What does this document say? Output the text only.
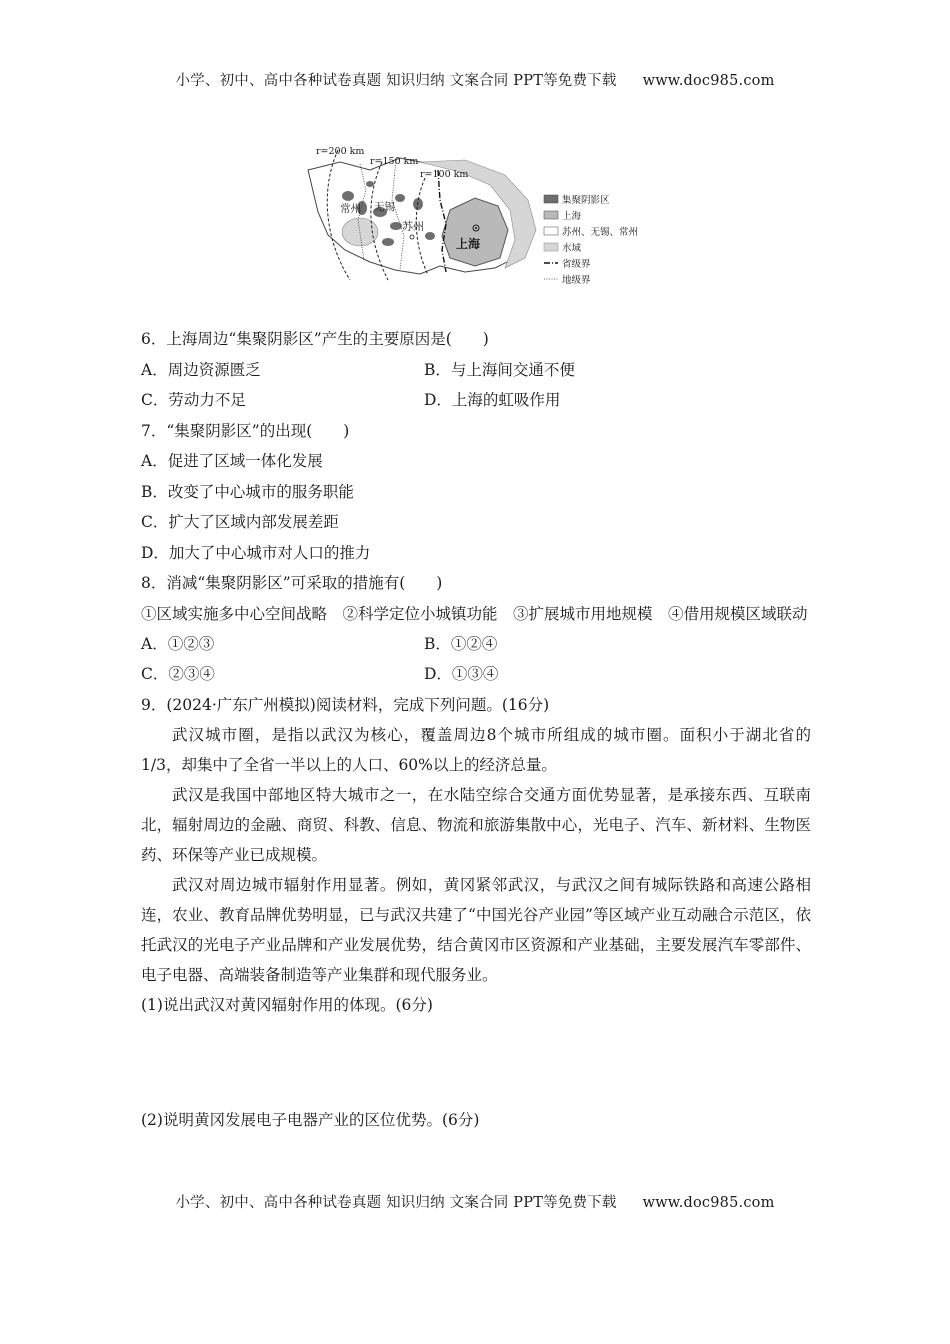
小学、初中、高中各种试卷真题 知识归纳 文案合同 PPT等免费下载 www.doc985.com
r=200 km
r=150 km
r=100 km
常州 无锡
苏州
上海
集聚阴影区
上海
苏州、无锡、常州
水域
省级界
地级界
6．上海周边“集聚阴影区”产生的主要原因是(　　)
A．周边资源匮乏	B．与上海间交通不便
C．劳动力不足	D．上海的虹吸作用
7．“集聚阴影区”的出现(　　)
A．促进了区域一体化发展
B．改变了中心城市的服务职能
C．扩大了区域内部发展差距
D．加大了中心城市对人口的推力
8．消减“集聚阴影区”可采取的措施有(　　)

①区域实施多中心空间战略　②科学定位小城镇功能　③扩展城市用地规模　④借用规模区域联动

A．①②③	B．①②④
C．②③④	D．①③④
9．(2024·广东广州模拟)阅读材料，完成下列问题。(16分)

武汉城市圈，是指以武汉为核心，覆盖周边8个城市所组成的城市圈。面积小于湖北省的1/3，却集中了全省一半以上的人口、60%以上的经济总量。

武汉是我国中部地区特大城市之一，在水陆空综合交通方面优势显著，是承接东西、互联南北，辐射周边的金融、商贸、科教、信息、物流和旅游集散中心，光电子、汽车、新材料、生物医药、环保等产业已成规模。

武汉对周边城市辐射作用显著。例如，黄冈紧邻武汉，与武汉之间有城际铁路和高速公路相连，农业、教育品牌优势明显，已与武汉共建了“中国光谷产业园”等区域产业互动融合示范区，依托武汉的光电子产业品牌和产业发展优势，结合黄冈市区资源和产业基础，主要发展汽车零部件、电子电器、高端装备制造等产业集群和现代服务业。

(1)说出武汉对黄冈辐射作用的体现。(6分)
(2)说明黄冈发展电子电器产业的区位优势。(6分)
小学、初中、高中各种试卷真题 知识归纳 文案合同 PPT等免费下载 www.doc985.com
